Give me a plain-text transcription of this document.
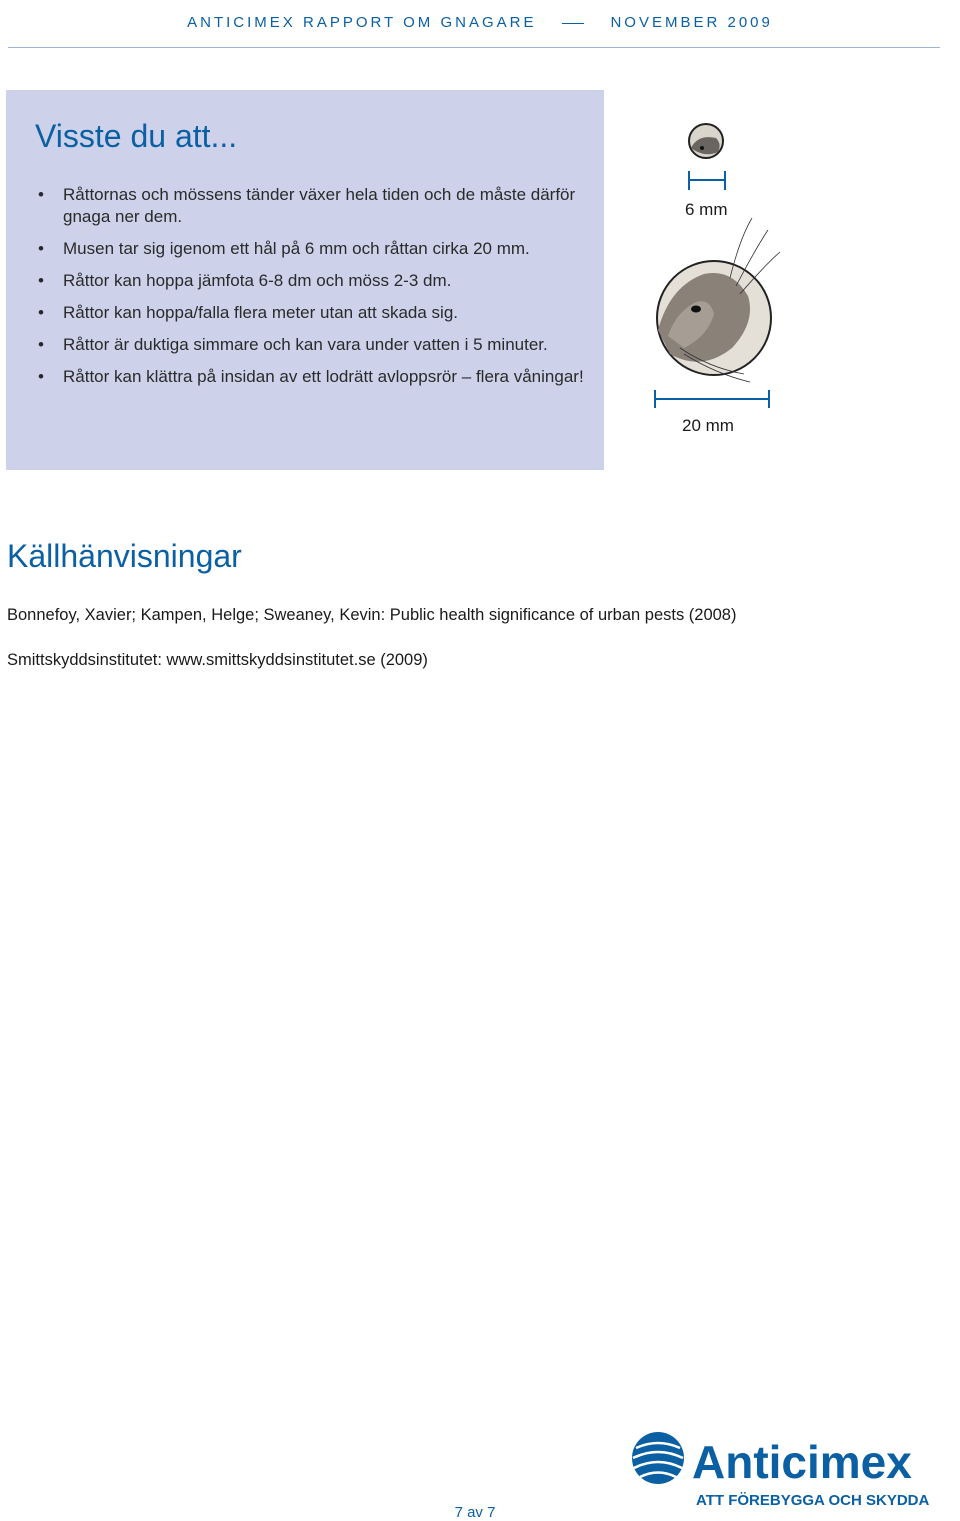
ANTICIMEX RAPPORT OM GNAGARE	NOVEMBER 2009
Visste du att...
• Råttornas och mössens tänder växer hela tiden och de måste därför gnaga ner dem.
• Musen tar sig igenom ett hål på 6 mm och råttan cirka 20 mm.
• Råttor kan hoppa jämfota 6-8 dm och möss 2-3 dm.
• Råttor kan hoppa/falla flera meter utan att skada sig.
• Råttor är duktiga simmare och kan vara under vatten i 5 minuter.
• Råttor kan klättra på insidan av ett lodrätt avloppsrör – flera våningar!
6 mm
20 mm
Källhänvisningar

Bonnefoy, Xavier; Kampen, Helge; Sweaney, Kevin: Public health significance of urban pests (2008)

Smittskyddsinstitutet: www.smittskyddsinstitutet.se (2009)

7 av 7
Anticimex
ATT FÖREBYGGA OCH SKYDDA
